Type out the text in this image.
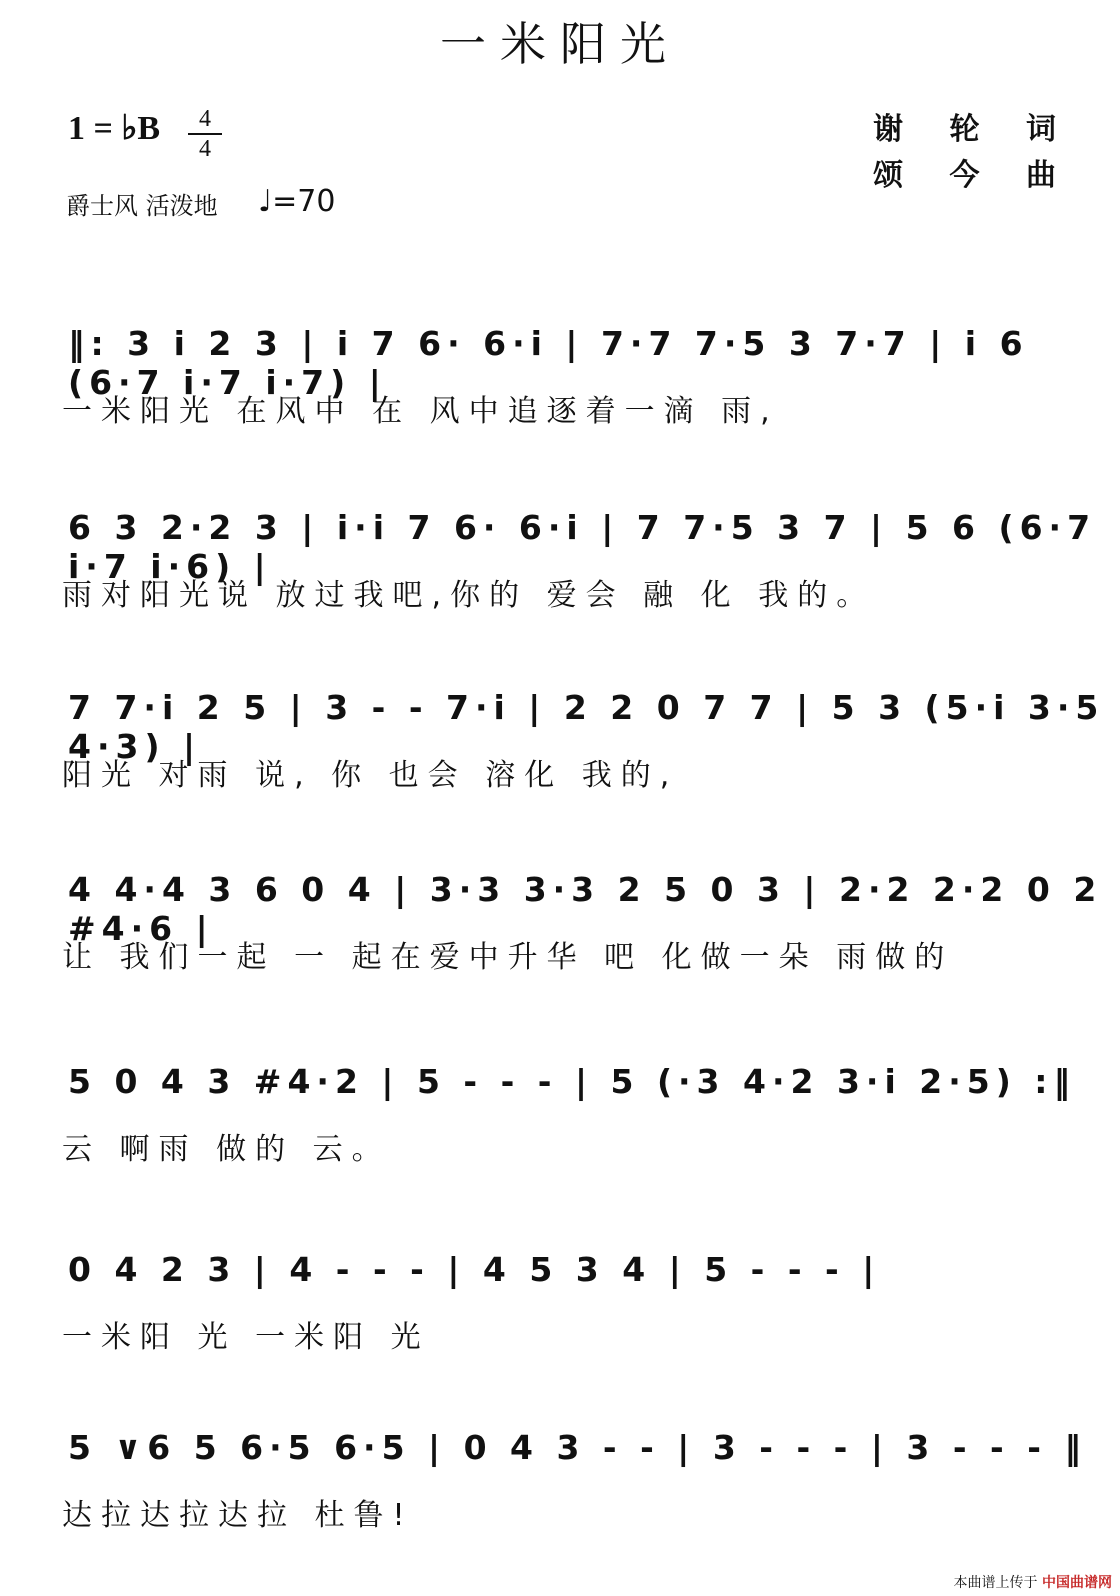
一米阳光
1 = ♭B	4
4
谢 轮 词
颂 今 曲
爵士风 活泼地 ♩=70
‖: 3 i 2 3 | i 7 6· 6·i | 7·7 7·5 3 7·7 | i 6 (6·7 i·7 i·7) |
一米阳光 在风中 在 风中追逐着一滴 雨,
6 3 2·2 3 | i·i 7 6· 6·i | 7 7·5 3 7 | 5 6 (6·7 i·7 i·6) |
雨对阳光说 放过我吧,你的 爱会 融 化 我的。
7 7·i 2 5 | 3 - - 7·i | 2 2 0 7 7 | 5 3 (5·i 3·5 4·3) |
阳光 对雨 说, 你 也会 溶化 我的,
4 4·4 3 6 0 4 | 3·3 3·3 2 5 0 3 | 2·2 2·2 0 2 #4·6 |
让 我们一起 一 起在爱中升华 吧 化做一朵 雨做的
5 0 4 3 #4·2 | 5 - - - | 5 (·3 4·2 3·i 2·5) :‖
云 啊雨 做的 云。
0 4 2 3 | 4 - - - | 4 5 3 4 | 5 - - - |
一米阳 光 一米阳 光
5 ∨6 5 6·5 6·5 | 0 4 3 - - | 3 - - - | 3 - - - ‖
达拉达拉达拉 杜鲁!
本曲谱上传于 中国曲谱网
